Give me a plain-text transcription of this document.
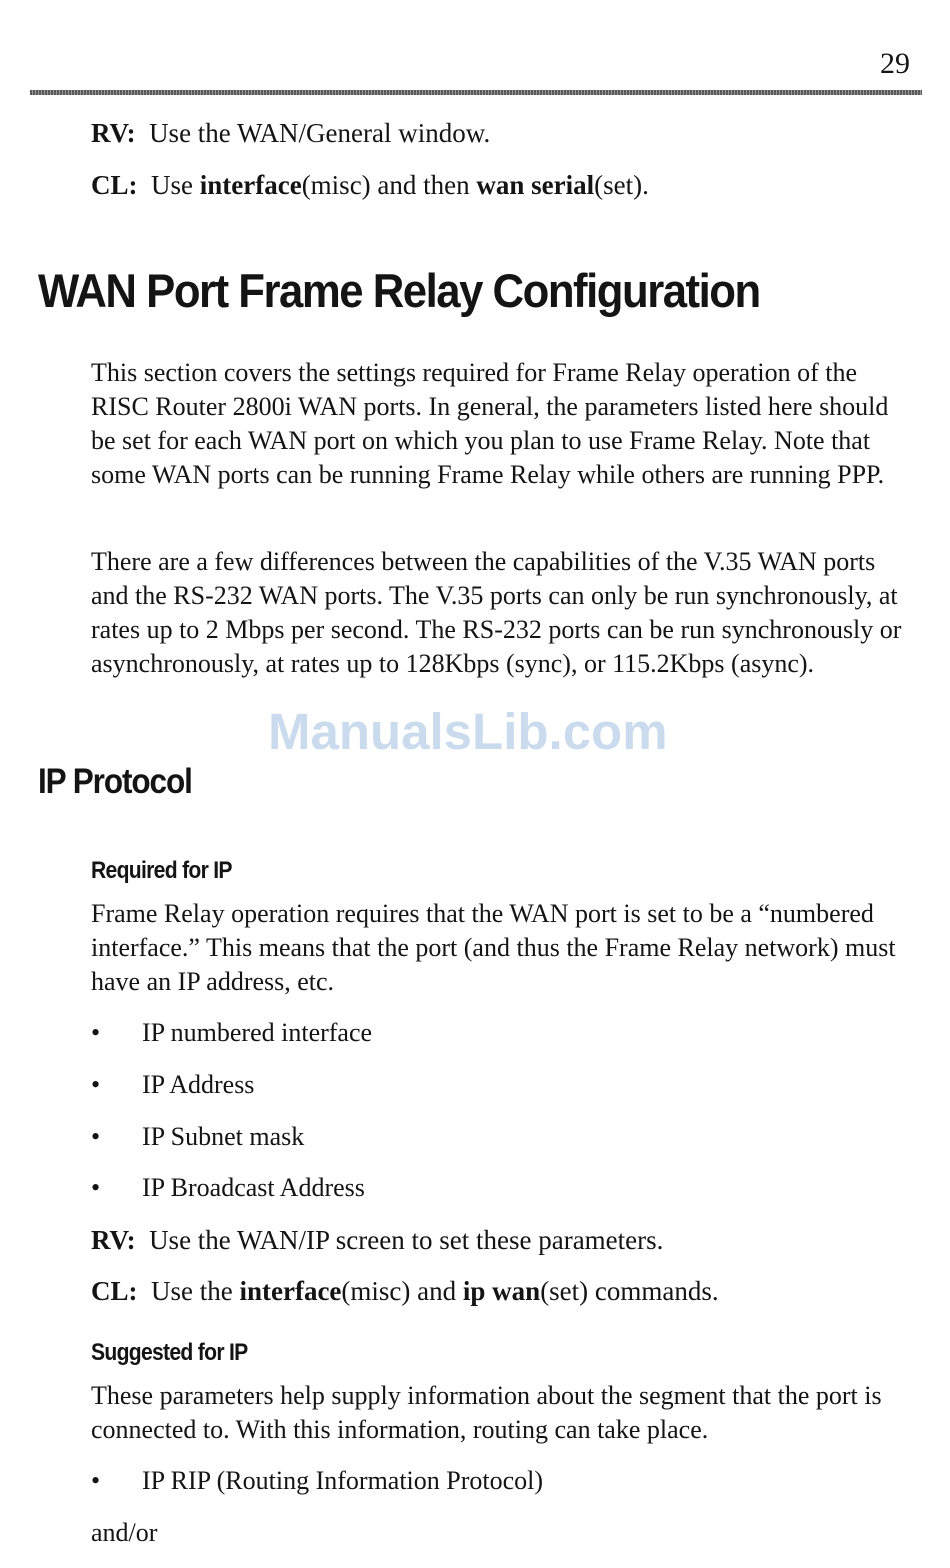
29
RV: Use the WAN/General window.
CL: Use interface(misc) and then wan serial(set).
WAN Port Frame Relay Configuration

This section covers the settings required for Frame Relay operation of the RISC Router 2800i WAN ports. In general, the parameters listed here should be set for each WAN port on which you plan to use Frame Relay. Note that some WAN ports can be running Frame Relay while others are running PPP.

There are a few differences between the capabilities of the V.35 WAN ports and the RS-232 WAN ports. The V.35 ports can only be run synchronously, at rates up to 2 Mbps per second. The RS-232 ports can be run synchronously or asynchronously, at rates up to 128Kbps (sync), or 115.2Kbps (async).

ManualsLib.com
IP Protocol
Required for IP

Frame Relay operation requires that the WAN port is set to be a “numbered interface.” This means that the port (and thus the Frame Relay network) must have an IP address, etc.

• IP numbered interface
• IP Address
• IP Subnet mask
• IP Broadcast Address
RV: Use the WAN/IP screen to set these parameters.
CL: Use the interface(misc) and ip wan(set) commands.
Suggested for IP

These parameters help supply information about the segment that the port is connected to. With this information, routing can take place.

• IP RIP (Routing Information Protocol)
and/or
